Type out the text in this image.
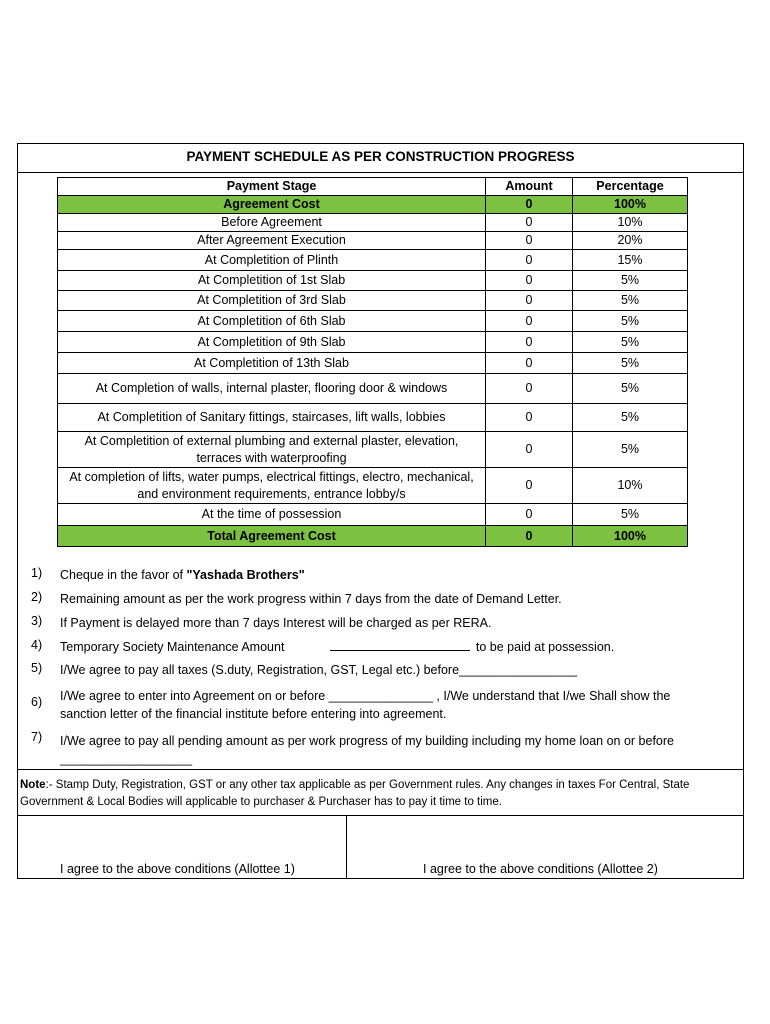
PAYMENT SCHEDULE AS PER CONSTRUCTION PROGRESS
Payment Stage	Amount	Percentage
Agreement Cost	0	100%
Before Agreement	0	10%
After Agreement Execution	0	20%
At Completition of Plinth	0	15%
At Completition of 1st Slab	0	5%
At Completition of 3rd Slab	0	5%
At Completition of 6th Slab	0	5%
At Completition of 9th Slab	0	5%
At Completition of 13th Slab	0	5%
At Completion of walls, internal plaster, flooring door & windows	0	5%
At Completition of Sanitary fittings, staircases, lift walls, lobbies	0	5%
At Completition of external plumbing and external plaster, elevation, terraces with waterproofing	0	5%
At completion of lifts, water pumps, electrical fittings, electro, mechanical, and environment requirements, entrance lobby/s	0	10%
At the time of possession	0	5%
Total Agreement Cost	0	100%
1)	Cheque in the favor of "Yashada Brothers"
2)	Remaining amount as per the work progress within 7 days from the date of Demand Letter.
3)	If Payment is delayed more than 7 days Interest will be charged as per RERA.
4)	Temporary Society Maintenance Amount	to be paid at possession.
5)	I/We agree to pay all taxes (S.duty, Registration, GST, Legal etc.) before_________________
6)	I/We agree to enter into Agreement on or before _______________ , I/We understand that I/we Shall show the sanction letter of the financial institute before entering into agreement.
7)	I/We agree to pay all pending amount as per work progress of my building including my home loan on or before ___________________
Note:- Stamp Duty, Registration, GST or any other tax applicable as per Government rules. Any changes in taxes For Central, State Government & Local Bodies will applicable to purchaser & Purchaser has to pay it time to time.
I agree to the above conditions (Allottee 1)	I agree to the above conditions (Allottee 2)
